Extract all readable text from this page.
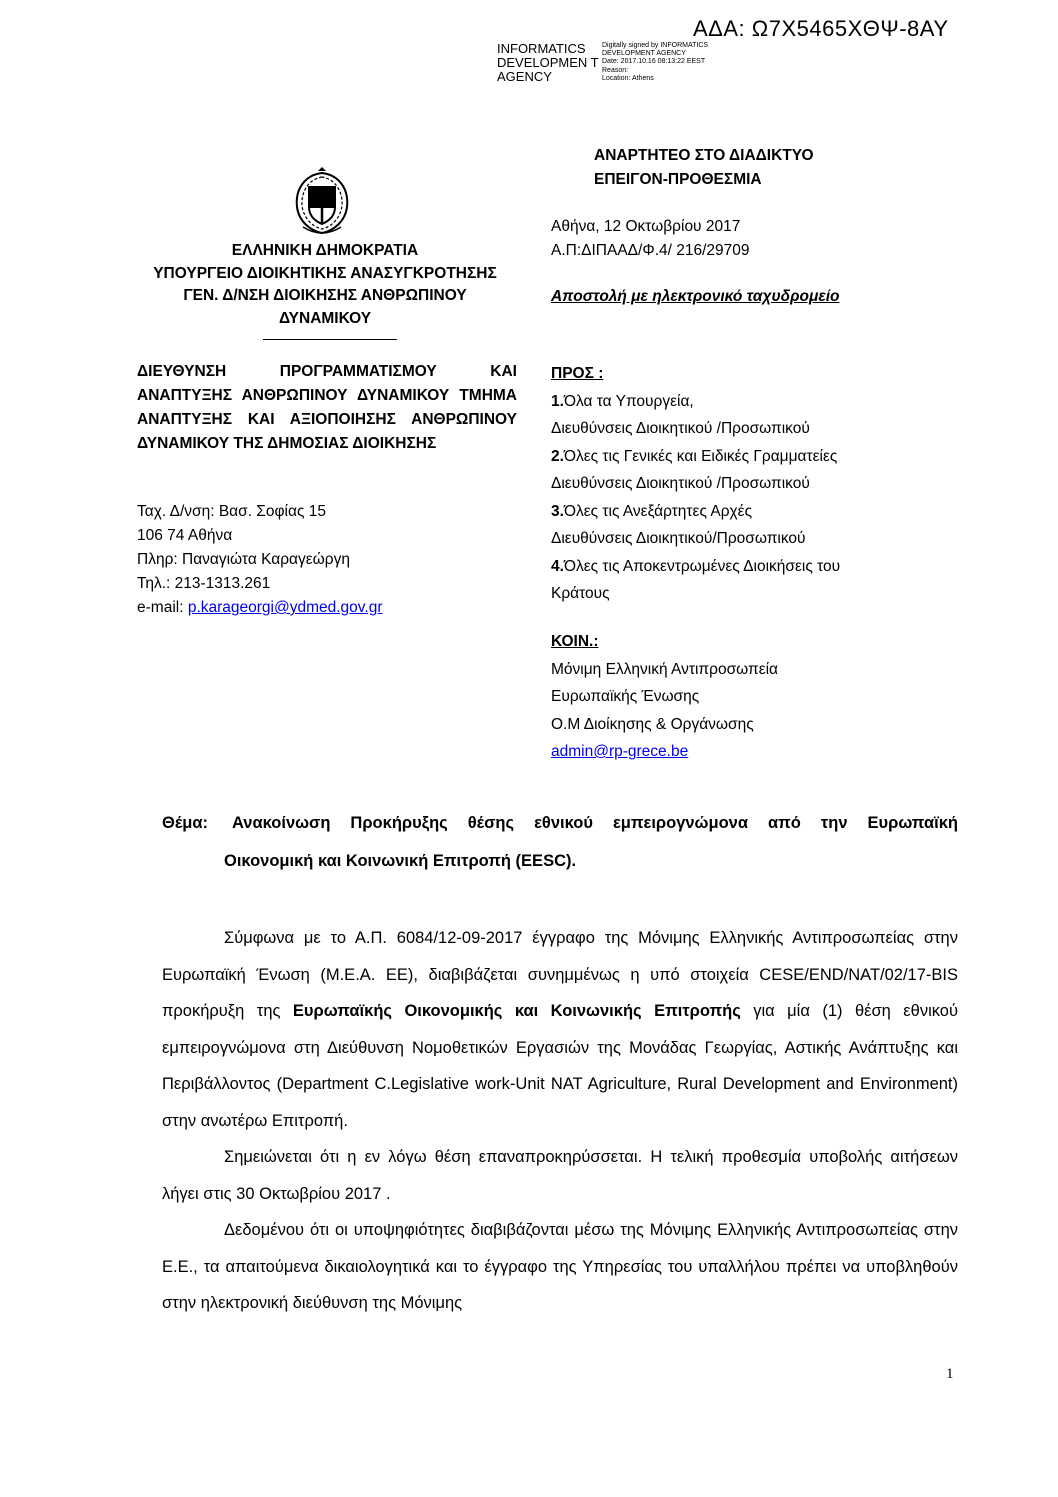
ΑΔΑ: Ω7Χ5465ΧΘΨ-8ΑΥ
INFORMATICS DEVELOPMEN T AGENCY
Digitally signed by INFORMATICS DEVELOPMENT AGENCY
Date: 2017.10.16 08:13:22 EEST
Reason:
Location: Athens
ΕΛΛΗΝΙΚΗ ΔΗΜΟΚΡΑΤΙΑ
ΥΠΟΥΡΓΕΙΟ ΔΙΟΙΚΗΤΙΚΗΣ ΑΝΑΣΥΓΚΡΟΤΗΣΗΣ
ΓΕΝ. Δ/ΝΣΗ ΔΙΟΙΚΗΣΗΣ ΑΝΘΡΩΠΙΝΟΥ
ΔΥΝΑΜΙΚΟΥ
ΔΙΕΥΘΥΝΣΗ ΠΡΟΓΡΑΜΜΑΤΙΣΜΟΥ ΚΑΙ ΑΝΑΠΤΥΞΗΣ ΑΝΘΡΩΠΙΝΟΥ ΔΥΝΑΜΙΚΟΥ ΤΜΗΜΑ ΑΝΑΠΤΥΞΗΣ ΚΑΙ ΑΞΙΟΠΟΙΗΣΗΣ ΑΝΘΡΩΠΙΝΟΥ ΔΥΝΑΜΙΚΟΥ ΤΗΣ ΔΗΜΟΣΙΑΣ ΔΙΟΙΚΗΣΗΣ
Ταχ. Δ/νση: Βασ. Σοφίας 15
106 74 Αθήνα
Πληρ: Παναγιώτα Καραγεώργη
Τηλ.: 213-1313.261
e-mail: p.karageorgi@ydmed.gov.gr
ΑΝΑΡΤΗΤΕΟ ΣΤΟ ΔΙΑΔΙΚΤΥΟ
ΕΠΕΙΓΟΝ-ΠΡΟΘΕΣΜΙΑ
Αθήνα, 12 Οκτωβρίου 2017
Α.Π:ΔΙΠΑΑΔ/Φ.4/ 216/29709
Αποστολή με ηλεκτρονικό ταχυδρομείο
ΠΡΟΣ :
1.Όλα τα Υπουργεία,
Διευθύνσεις Διοικητικού /Προσωπικού
2.Όλες τις Γενικές και Ειδικές Γραμματείες
Διευθύνσεις Διοικητικού /Προσωπικού
3.Όλες τις Ανεξάρτητες Αρχές
Διευθύνσεις Διοικητικού/Προσωπικού
4.Όλες τις Αποκεντρωμένες Διοικήσεις του
Κράτους
ΚΟΙΝ.:
Μόνιμη Ελληνική Αντιπροσωπεία
Ευρωπαϊκής Ένωσης
Ο.Μ Διοίκησης & Οργάνωσης
admin@rp-grece.be
Θέμα:	Ανακοίνωση Προκήρυξης θέσης εθνικού εμπειρογνώμονα από την Ευρωπαϊκή
Οικονομική και Κοινωνική Επιτροπή (EESC).

Σύμφωνα με το Α.Π. 6084/12-09-2017 έγγραφο της Μόνιμης Ελληνικής Αντιπροσωπείας στην Ευρωπαϊκή Ένωση (Μ.Ε.Α. ΕΕ), διαβιβάζεται συνημμένως η υπό στοιχεία CESE/END/NAT/02/17-BIS προκήρυξη της Ευρωπαϊκής Οικονομικής και Κοινωνικής Επιτροπής για μία (1) θέση εθνικού εμπειρογνώμονα στη Διεύθυνση Νομοθετικών Εργασιών της Μονάδας Γεωργίας, Αστικής Ανάπτυξης και Περιβάλλοντος (Department C.Legislative work-Unit NAT Agriculture, Rural Development and Environment) στην ανωτέρω Επιτροπή.

Σημειώνεται ότι η εν λόγω θέση επαναπροκηρύσσεται. Η τελική προθεσμία υποβολής αιτήσεων λήγει στις 30 Οκτωβρίου 2017 .

Δεδομένου ότι οι υποψηφιότητες διαβιβάζονται μέσω της Μόνιμης Ελληνικής Αντιπροσωπείας στην Ε.Ε., τα απαιτούμενα δικαιολογητικά και το έγγραφο της Υπηρεσίας του υπαλλήλου πρέπει να υποβληθούν στην ηλεκτρονική διεύθυνση της Μόνιμης

1
